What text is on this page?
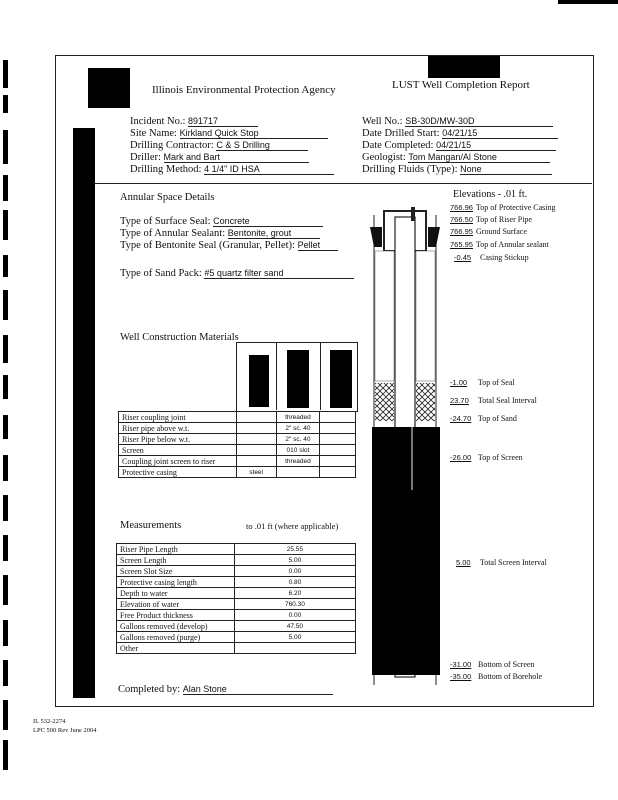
Illinois Environmental Protection Agency	LUST Well Completion Report
Incident No.: 891717
Site Name: Kirkland Quick Stop
Drilling Contractor: C & S Drilling
Driller: Mark and Bart
Drilling Method: 4 1/4" ID HSA
Well No.: SB-30D/MW-30D
Date Drilled Start: 04/21/15
Date Completed: 04/21/15
Geologist: Tom Mangan/Al Stone
Drilling Fluids (Type): None
Annular Space Details
Type of Surface Seal: Concrete
Type of Annular Sealant: Bentonite, grout
Type of Bentonite Seal (Granular, Pellet): Pellet
Type of Sand Pack: #5 quartz filter sand
Well Construction Materials
Riser coupling joint		threaded	
Riser pipe above w.t.		2" sc. 40	
Riser Pipe below w.t.		2" sc. 40	
Screen		010 slot	
Coupling joint screen to riser		threaded	
Protective casing	steel		
Measurements	to .01 ft (where applicable)
Riser Pipe Length	25.55
Screen Length	5.00
Screen Slot Size	0.00
Protective casing length	0.80
Depth to water	6.20
Elevation of water	760.30
Free Product thickness	0.00
Gallons removed (develop)	47.50
Gallons removed (purge)	5.00
Other	
Completed by: Alan Stone
Elevations - .01 ft.
766.96 Top of Protective Casing
766.50 Top of Riser Pipe
766.95 Ground Surface
765.95 Top of Annular sealant
-0.45 Casing Stickup
-1.00 Top of Seal
23.70 Total Seal Interval
-24.70 Top of Sand
-26.00 Top of Screen
5.00 Total Screen Interval
-31.00 Bottom of Screen
-35.00 Bottom of Borehole
IL 532-2274
LPC 500 Rev June 2004
